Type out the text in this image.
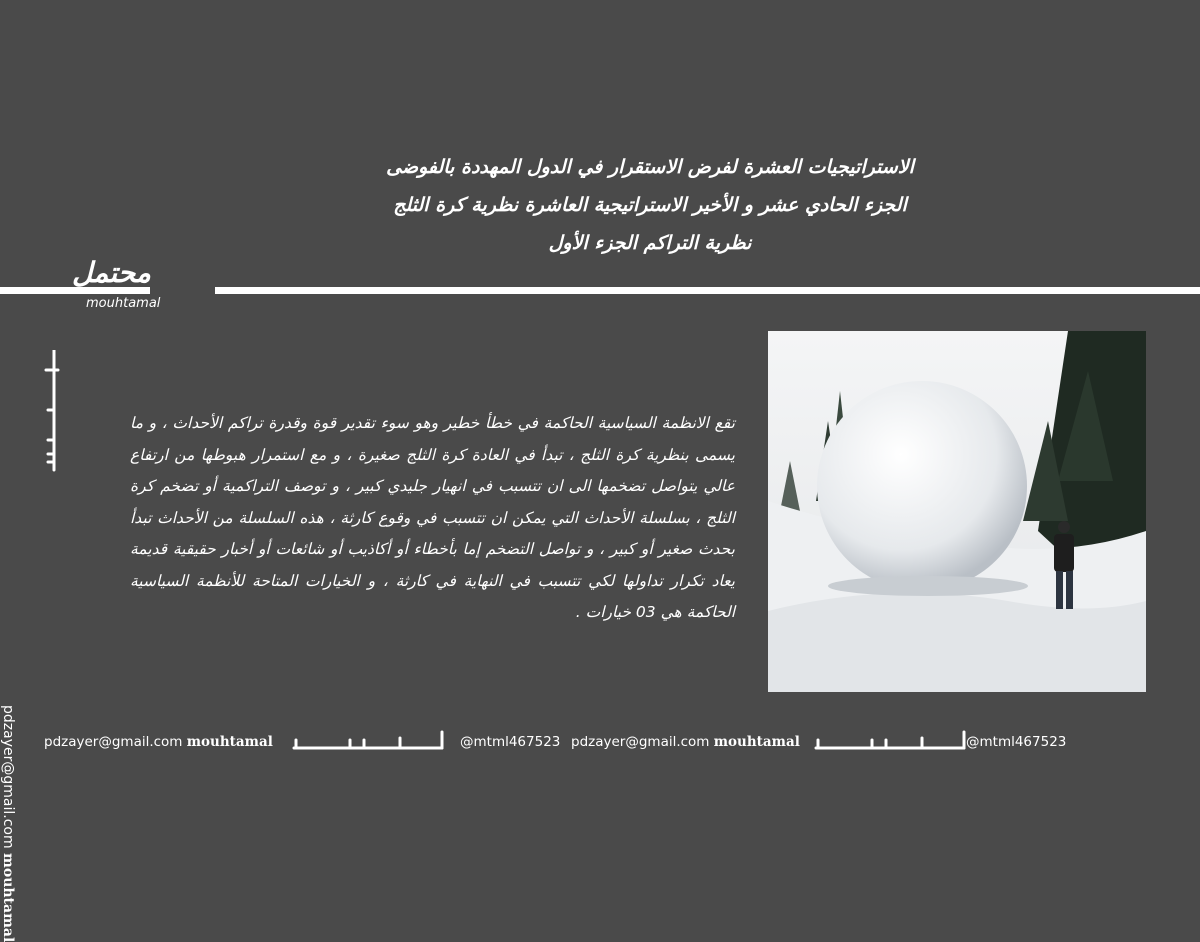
الاستراتيجيات العشرة لفرض الاستقرار في الدول المهددة بالفوضى
الجزء الحادي عشر و الأخير الاستراتيجية العاشرة نظرية كرة الثلج
نظرية التراكم الجزء الأول
محتمل
mouhtamal
pdzayer@gmail.com mouhtamal
تقع الانظمة السياسية الحاكمة في خطأ خطير وهو سوء تقدير قوة وقدرة تراكم الأحداث ، و ما يسمى بنظرية كرة الثلج ، تبدأ في العادة كرة الثلج صغيرة ، و مع استمرار هبوطها من ارتفاع عالي يتواصل تضخمها الى ان تتسبب في انهيار جليدي كبير ، و توصف التراكمية أو تضخم كرة الثلج ، بسلسلة الأحداث التي يمكن ان تتسبب في وقوع كارثة ، هذه السلسلة من الأحداث تبدأ بحدث صغير أو كبير ، و تواصل التضخم إما بأخطاء أو أكاذيب أو شائعات أو أخبار حقيقية قديمة يعاد تكرار تداولها لكي تتسبب في النهاية في كارثة ، و الخيارات المتاحة للأنظمة السياسية الحاكمة هي 03 خيارات .
pdzayer@gmail.com mouhtamal	@mtml467523 pdzayer@gmail.com mouhtamal	@mtml467523
